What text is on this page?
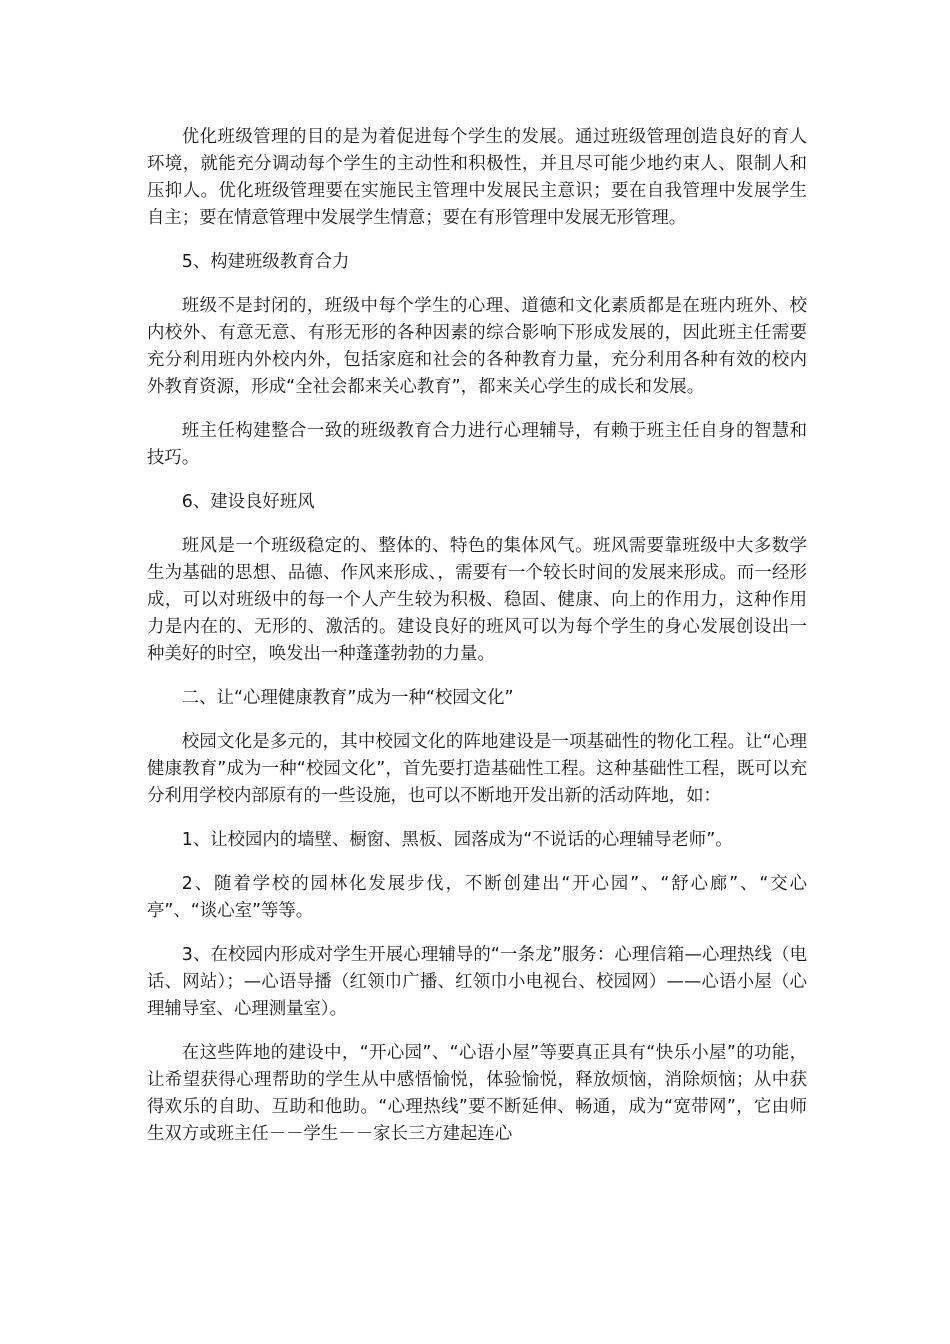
优化班级管理的目的是为着促进每个学生的发展。通过班级管理创造良好的育人环境，就能充分调动每个学生的主动性和积极性，并且尽可能少地约束人、限制人和压抑人。优化班级管理要在实施民主管理中发展民主意识；要在自我管理中发展学生自主；要在情意管理中发展学生情意；要在有形管理中发展无形管理。

5、构建班级教育合力

班级不是封闭的，班级中每个学生的心理、道德和文化素质都是在班内班外、校内校外、有意无意、有形无形的各种因素的综合影响下形成发展的，因此班主任需要充分利用班内外校内外，包括家庭和社会的各种教育力量，充分利用各种有效的校内外教育资源，形成“全社会都来关心教育”，都来关心学生的成长和发展。

班主任构建整合一致的班级教育合力进行心理辅导，有赖于班主任自身的智慧和技巧。

6、建设良好班风

班风是一个班级稳定的、整体的、特色的集体风气。班风需要靠班级中大多数学生为基础的思想、品德、作风来形成、，需要有一个较长时间的发展来形成。而一经形成，可以对班级中的每一个人产生较为积极、稳固、健康、向上的作用力，这种作用力是内在的、无形的、激活的。建设良好的班风可以为每个学生的身心发展创设出一种美好的时空，唤发出一种蓬蓬勃勃的力量。

二、让“心理健康教育”成为一种“校园文化”

校园文化是多元的，其中校园文化的阵地建设是一项基础性的物化工程。让“心理健康教育”成为一种“校园文化”，首先要打造基础性工程。这种基础性工程，既可以充分利用学校内部原有的一些设施，也可以不断地开发出新的活动阵地，如：

1、让校园内的墙壁、橱窗、黑板、园落成为“不说话的心理辅导老师”。

2、随着学校的园林化发展步伐，不断创建出“开心园”、“舒心廊”、“交心亭”、“谈心室”等等。

3、在校园内形成对学生开展心理辅导的“一条龙”服务：心理信箱—心理热线（电话、网站）；—心语导播（红领巾广播、红领巾小电视台、校园网）——心语小屋（心理辅导室、心理测量室）。

在这些阵地的建设中，“开心园”、“心语小屋”等要真正具有“快乐小屋”的功能，让希望获得心理帮助的学生从中感悟愉悦，体验愉悦，释放烦恼，消除烦恼；从中获得欢乐的自助、互助和他助。“心理热线”要不断延伸、畅通，成为“宽带网”，它由师生双方或班主任－－学生－－家长三方建起连心
